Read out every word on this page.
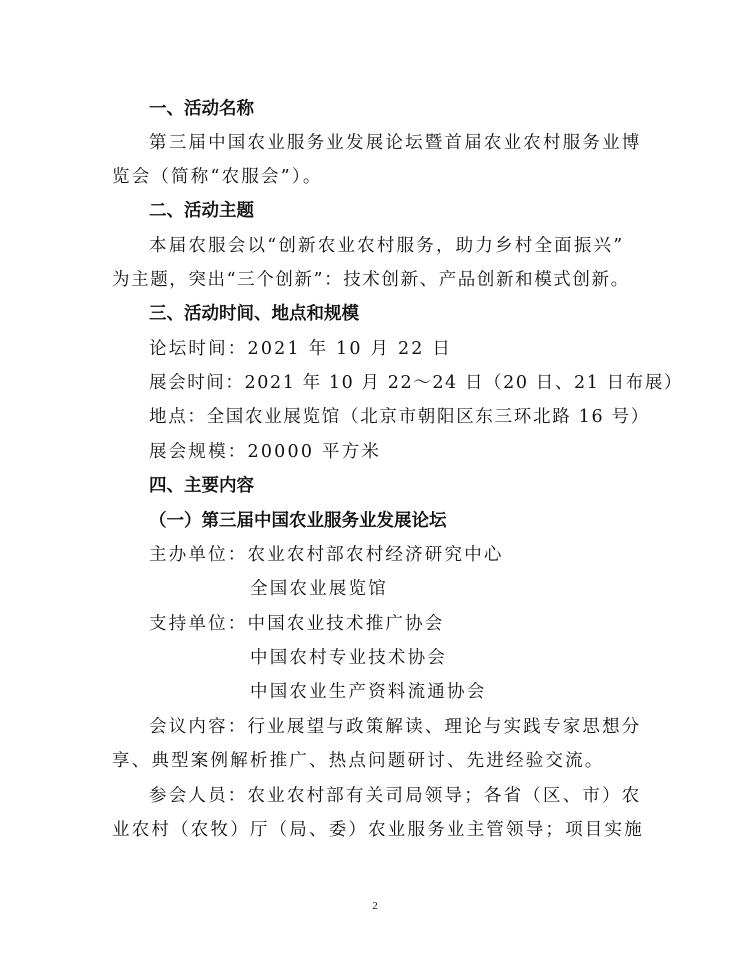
一、活动名称
第三届中国农业服务业发展论坛暨首届农业农村服务业博
览会（简称“农服会”）。
二、活动主题
本届农服会以“创新农业农村服务，助力乡村全面振兴”
为主题，突出“三个创新”：技术创新、产品创新和模式创新。
三、活动时间、地点和规模
论坛时间：2021 年 10 月 22 日
展会时间：2021 年 10 月 22～24 日（20 日、21 日布展）
地点：全国农业展览馆（北京市朝阳区东三环北路 16 号）
展会规模：20000 平方米
四、主要内容
（一）第三届中国农业服务业发展论坛
主办单位：农业农村部农村经济研究中心
全国农业展览馆
支持单位：中国农业技术推广协会
中国农村专业技术协会
中国农业生产资料流通协会
会议内容：行业展望与政策解读、理论与实践专家思想分
享、典型案例解析推广、热点问题研讨、先进经验交流。
参会人员：农业农村部有关司局领导；各省（区、市）农
业农村（农牧）厅（局、委）农业服务业主管领导；项目实施
2
